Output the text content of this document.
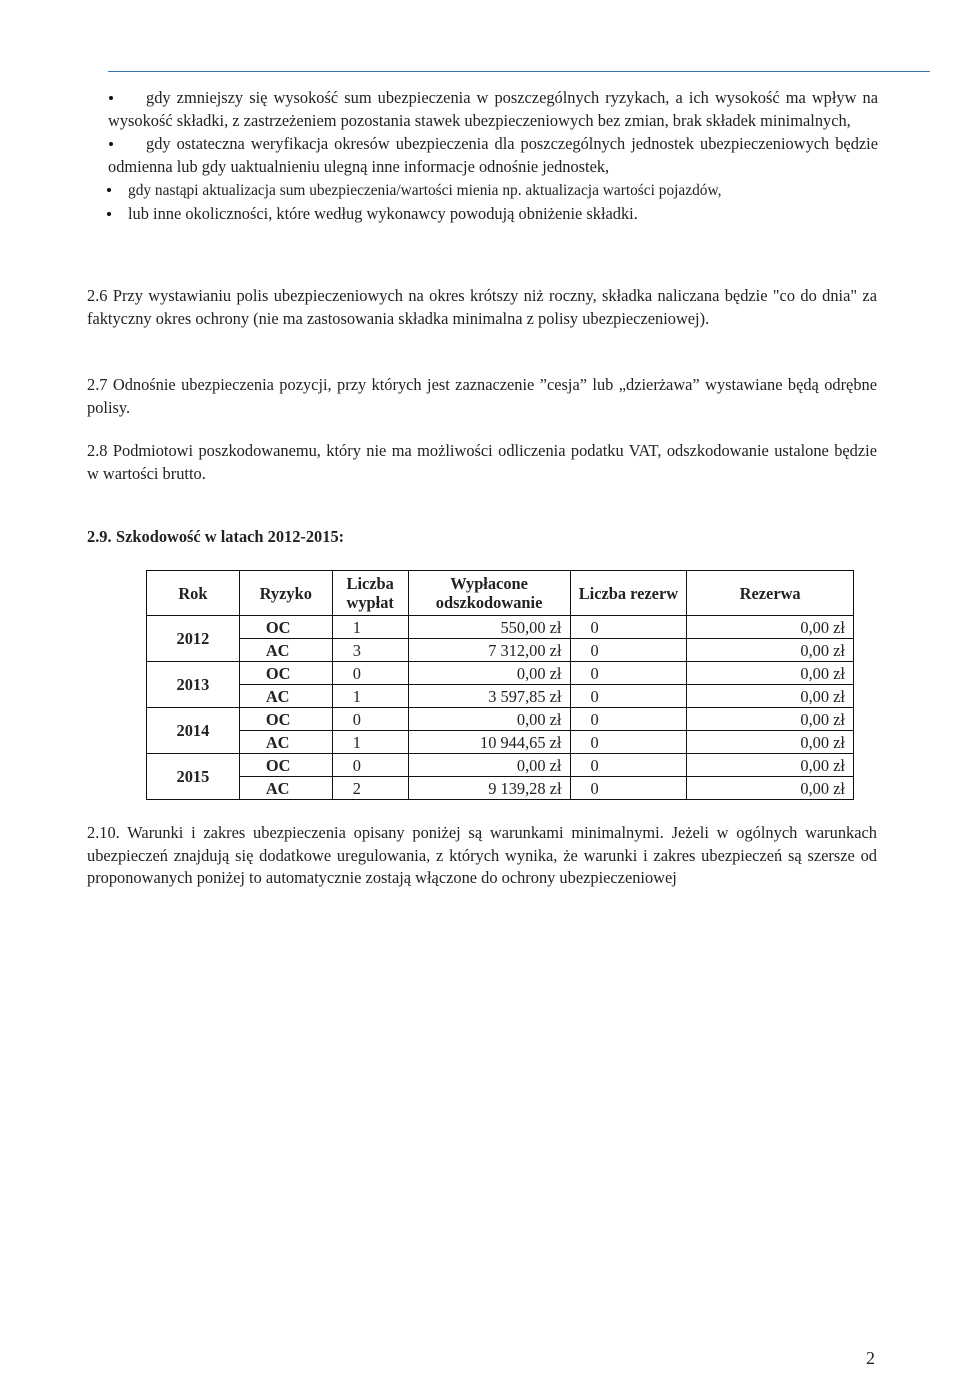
gdy zmniejszy się wysokość sum ubezpieczenia w poszczególnych ryzykach, a ich wysokość ma wpływ na wysokość składki, z zastrzeżeniem pozostania stawek ubezpieczeniowych bez zmian, brak składek minimalnych,
gdy ostateczna weryfikacja okresów ubezpieczenia dla poszczególnych jednostek ubezpieczeniowych będzie odmienna lub gdy uaktualnieniu ulegną inne informacje odnośnie jednostek,
gdy nastąpi aktualizacja sum ubezpieczenia/wartości mienia np. aktualizacja wartości pojazdów,
lub inne okoliczności, które według wykonawcy powodują obniżenie składki.
2.6 Przy wystawianiu polis ubezpieczeniowych na okres krótszy niż roczny, składka naliczana będzie "co do dnia" za faktyczny okres ochrony (nie ma zastosowania składka minimalna z polisy ubezpieczeniowej).
2.7 Odnośnie ubezpieczenia pozycji, przy których jest zaznaczenie ”cesja” lub „dzierżawa” wystawiane będą odrębne polisy.
2.8 Podmiotowi poszkodowanemu, który nie ma możliwości odliczenia podatku VAT, odszkodowanie ustalone będzie w wartości brutto.
2.9. Szkodowość w latach 2012-2015:
Rok	Ryzyko	Liczba wypłat	Wypłacone odszkodowanie	Liczba rezerw	Rezerwa
2012	OC	1	550,00 zł	0	0,00 zł
	AC	3	7 312,00 zł	0	0,00 zł
2013	OC	0	0,00 zł	0	0,00 zł
	AC	1	3 597,85 zł	0	0,00 zł
2014	OC	0	0,00 zł	0	0,00 zł
	AC	1	10 944,65 zł	0	0,00 zł
2015	OC	0	0,00 zł	0	0,00 zł
	AC	2	9 139,28 zł	0	0,00 zł
2.10. Warunki i zakres ubezpieczenia opisany poniżej są warunkami minimalnymi. Jeżeli w ogólnych warunkach ubezpieczeń znajdują się dodatkowe uregulowania, z których wynika, że warunki i zakres ubezpieczeń są szersze od proponowanych poniżej to automatycznie zostają włączone do ochrony ubezpieczeniowej
2
